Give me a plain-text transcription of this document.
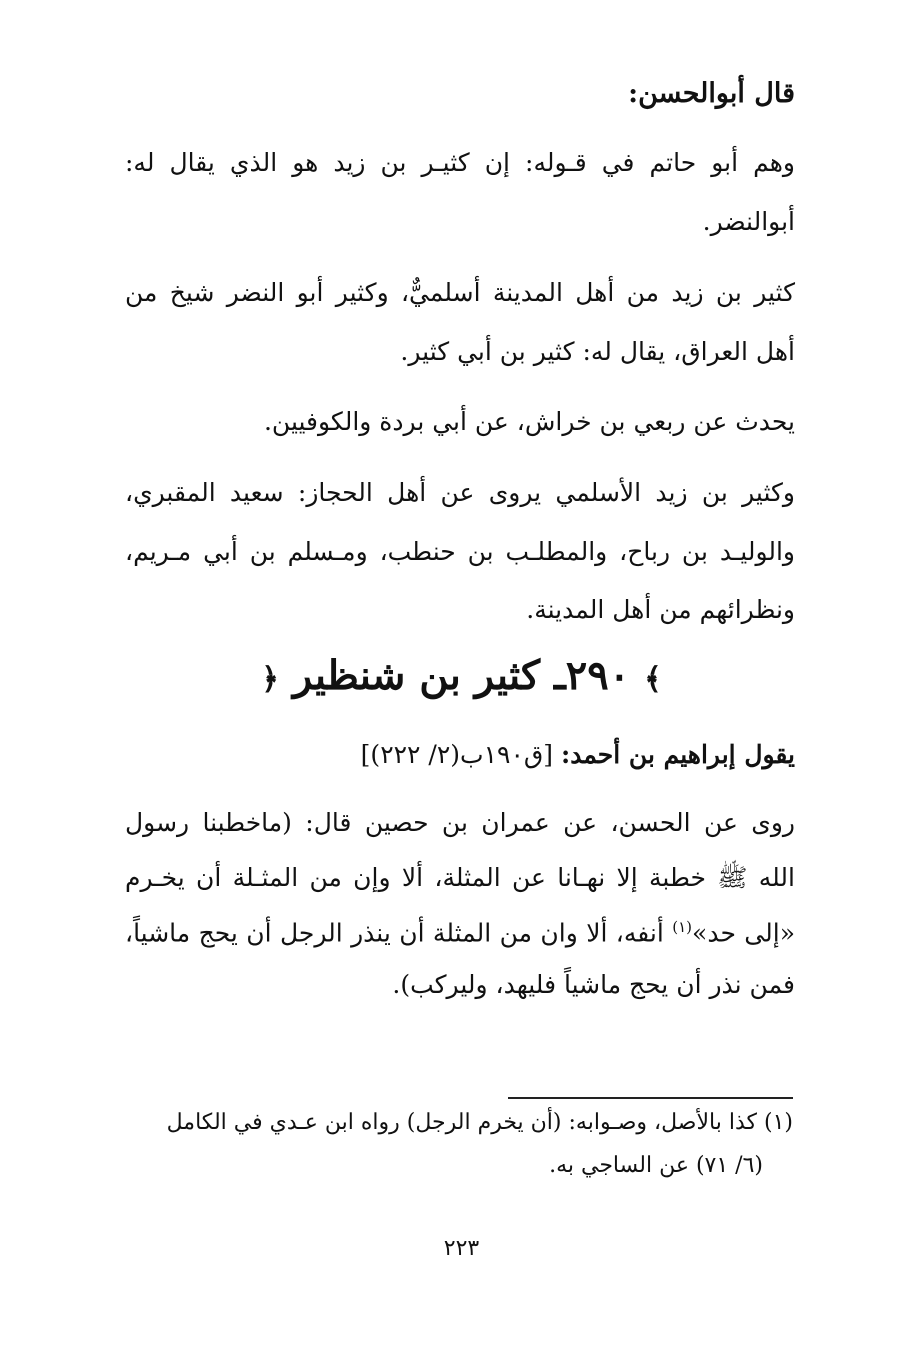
قال أبوالحسن:
وهم أبو حاتم في قـوله: إن كثيـر بن زيد هو الذي يقال له:
أبوالنضر.
كثير بن زيد من أهل المدينة أسلميٌّ، وكثير أبو النضر شيخ من
أهل العراق، يقال له: كثير بن أبي كثير.
يحدث عن ربعي بن خراش، عن أبي بردة والكوفيين.
وكثير بن زيد الأسلمي يروى عن أهل الحجاز: سعيد المقبري،
والوليـد بن رباح، والمطلـب بن حنطب، ومـسلم بن أبي مـريم،
ونظرائهم من أهل المدينة.
﴾ ٢٩٠ـ كثير بن شنظير ﴿
يقول إبراهيم بن أحمد: [ق١٩٠ب(٢/ ٢٢٢)]
روى عن الحسن، عن عمران بن حصين قال: (ماخطبنا رسول
الله ﷺ خطبة إلا نهـانا عن المثلة، ألا وإن من المثـلة أن يخـرم
«إلى حد»$^{(١)}$ أنفه، ألا وان من المثلة أن ينذر الرجل أن يحج ماشياً،
فمن نذر أن يحج ماشياً فليهد، وليركب).
(١) كذا بالأصل، وصـوابه: (أن يخرم الرجل) رواه ابن عـدي في الكامل
(٦/ ٧١) عن الساجي به.
٢٢٣
